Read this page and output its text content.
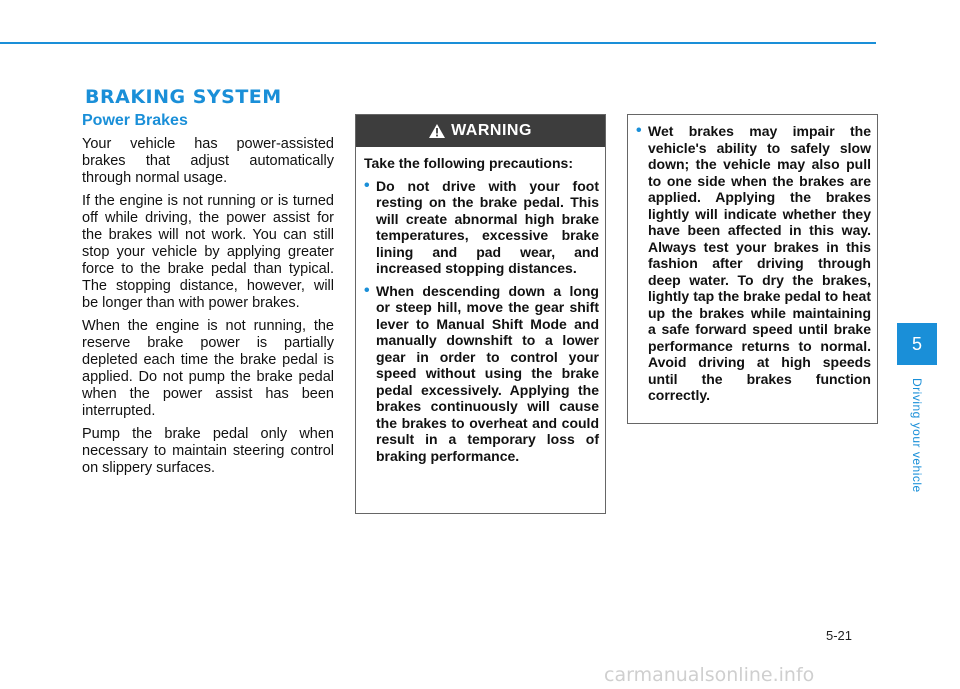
BRAKING SYSTEM
Power Brakes

Your vehicle has power-assisted brakes that adjust automatically through normal usage.

If the engine is not running or is turned off while driving, the power assist for the brakes will not work. You can still stop your vehicle by applying greater force to the brake pedal than typical. The stopping distance, however, will be longer than with power brakes.

When the engine is not running, the reserve brake power is partially depleted each time the brake pedal is applied. Do not pump the brake pedal when the power assist has been interrupted.

Pump the brake pedal only when necessary to maintain steering control on slippery surfaces.

WARNING

Take the following precautions:

• Do not drive with your foot resting on the brake pedal. This will create abnormal high brake temperatures, excessive brake lining and pad wear, and increased stopping distances.
• When descending down a long or steep hill, move the gear shift lever to Manual Shift Mode and manually downshift to a lower gear in order to control your speed without using the brake pedal excessively. Applying the brakes continuously will cause the brakes to overheat and could result in a temporary loss of braking performance.
• Wet brakes may impair the vehicle's ability to safely slow down; the vehicle may also pull to one side when the brakes are applied. Applying the brakes lightly will indicate whether they have been affected in this way. Always test your brakes in this fashion after driving through deep water. To dry the brakes, lightly tap the brake pedal to heat up the brakes while maintaining a safe forward speed until brake performance returns to normal. Avoid driving at high speeds until the brakes function correctly.
5
Driving your vehicle
5-21
carmanualsonline.info
